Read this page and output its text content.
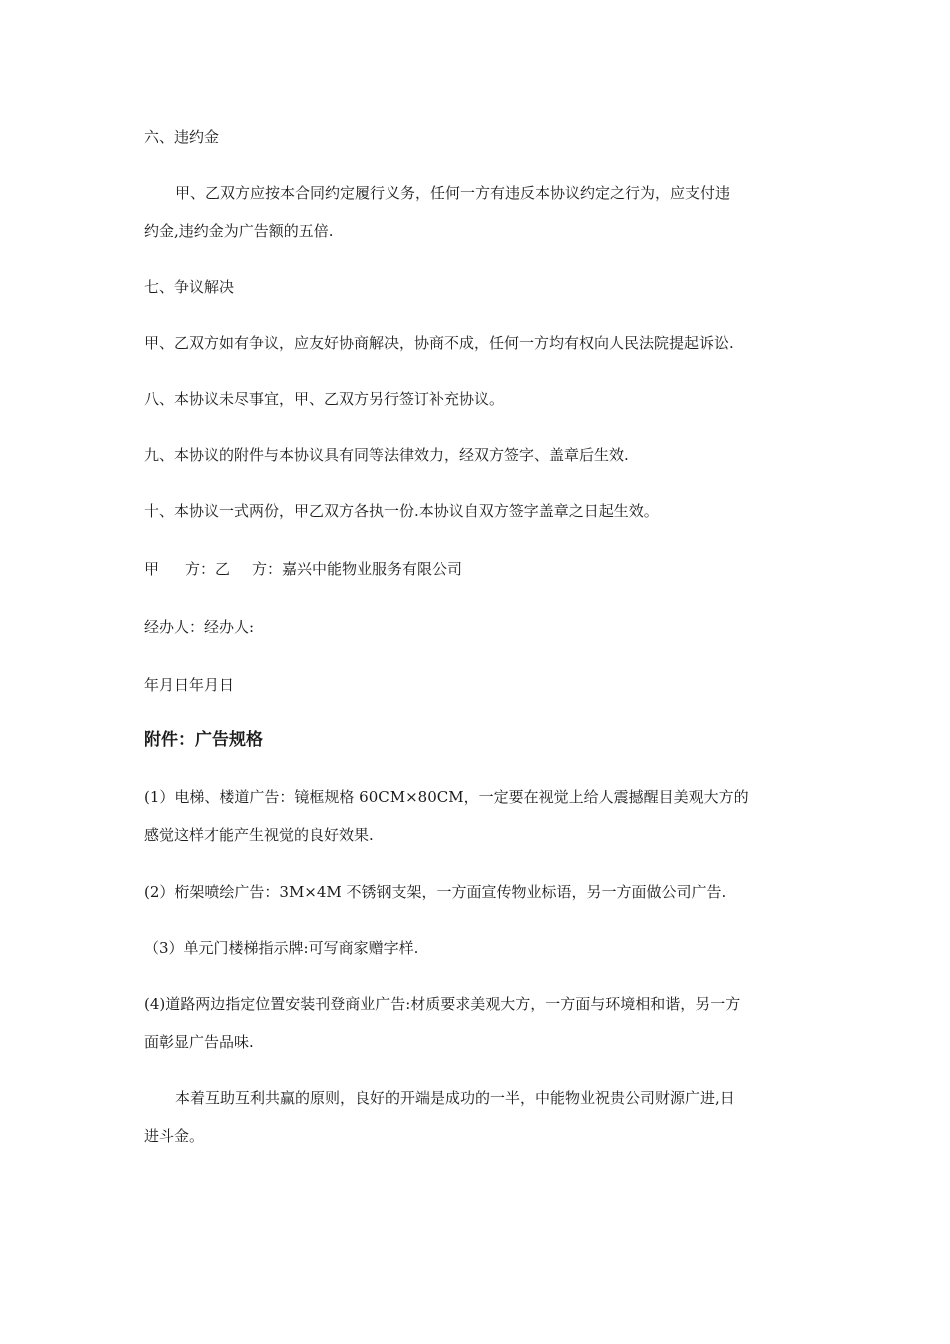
六、违约金
甲、乙双方应按本合同约定履行义务，任何一方有违反本协议约定之行为，应支付违
约金,违约金为广告额的五倍.
七、争议解决
甲、乙双方如有争议，应友好协商解决，协商不成，任何一方均有权向人民法院提起诉讼.
八、本协议未尽事宜，甲、乙双方另行签订补充协议。
九、本协议的附件与本协议具有同等法律效力，经双方签字、盖章后生效.
十、本协议一式两份，甲乙双方各执一份.本协议自双方签字盖章之日起生效。
甲 方：乙 方：嘉兴中能物业服务有限公司
经办人：经办人:
年月日年月日
附件：广告规格
(1）电梯、楼道广告：镜框规格 60CM×80CM，一定要在视觉上给人震撼醒目美观大方的
感觉这样才能产生视觉的良好效果.
(2）桁架喷绘广告：3M×4M 不锈钢支架，一方面宣传物业标语，另一方面做公司广告.
（3）单元门楼梯指示牌:可写商家赠字样.
(4)道路两边指定位置安装刊登商业广告:材质要求美观大方，一方面与环境相和谐，另一方
面彰显广告品味.
本着互助互利共赢的原则，良好的开端是成功的一半，中能物业祝贵公司财源广进,日
进斗金。
